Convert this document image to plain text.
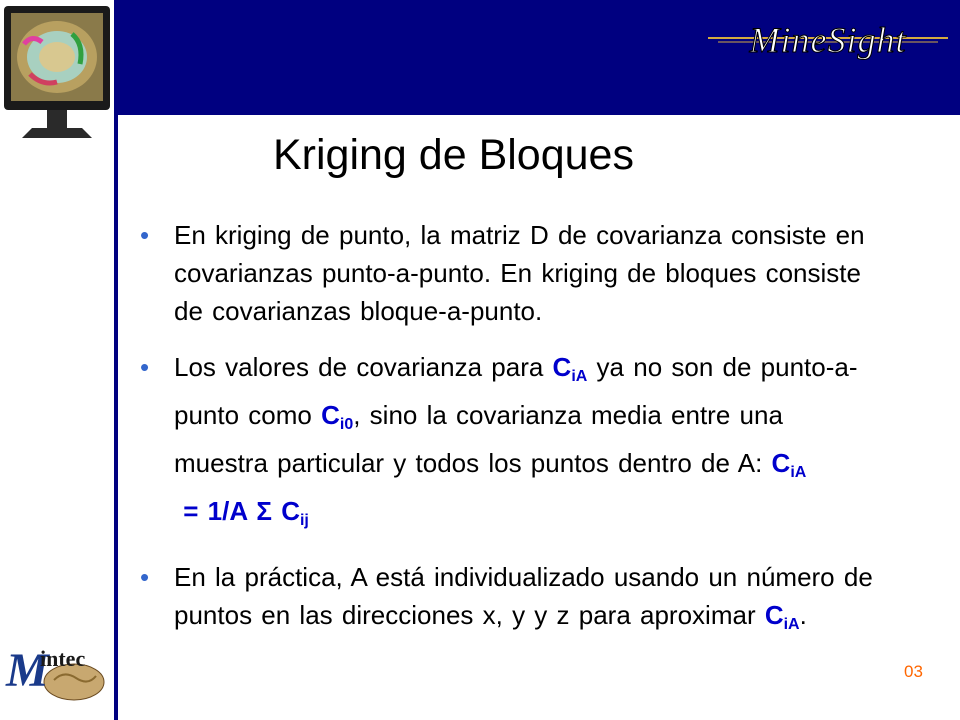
MineSight
Kriging de Bloques
• En kriging de punto, la matriz D de covarianza consiste en covarianzas punto-a-punto. En kriging de bloques consiste de covarianzas bloque-a-punto.
• Los valores de covarianza para $C_{iA}$ ya no son de punto-a-punto como $C_{i0}$, sino la covarianza media entre una muestra particular y todos los puntos dentro de A: $C_{iA} = 1/A$ Σ $C_{ij}$
• En la práctica, A está individualizado usando un número de puntos en las direcciones x, y y z para aproximar $C_{iA}$.
M
intec
03
